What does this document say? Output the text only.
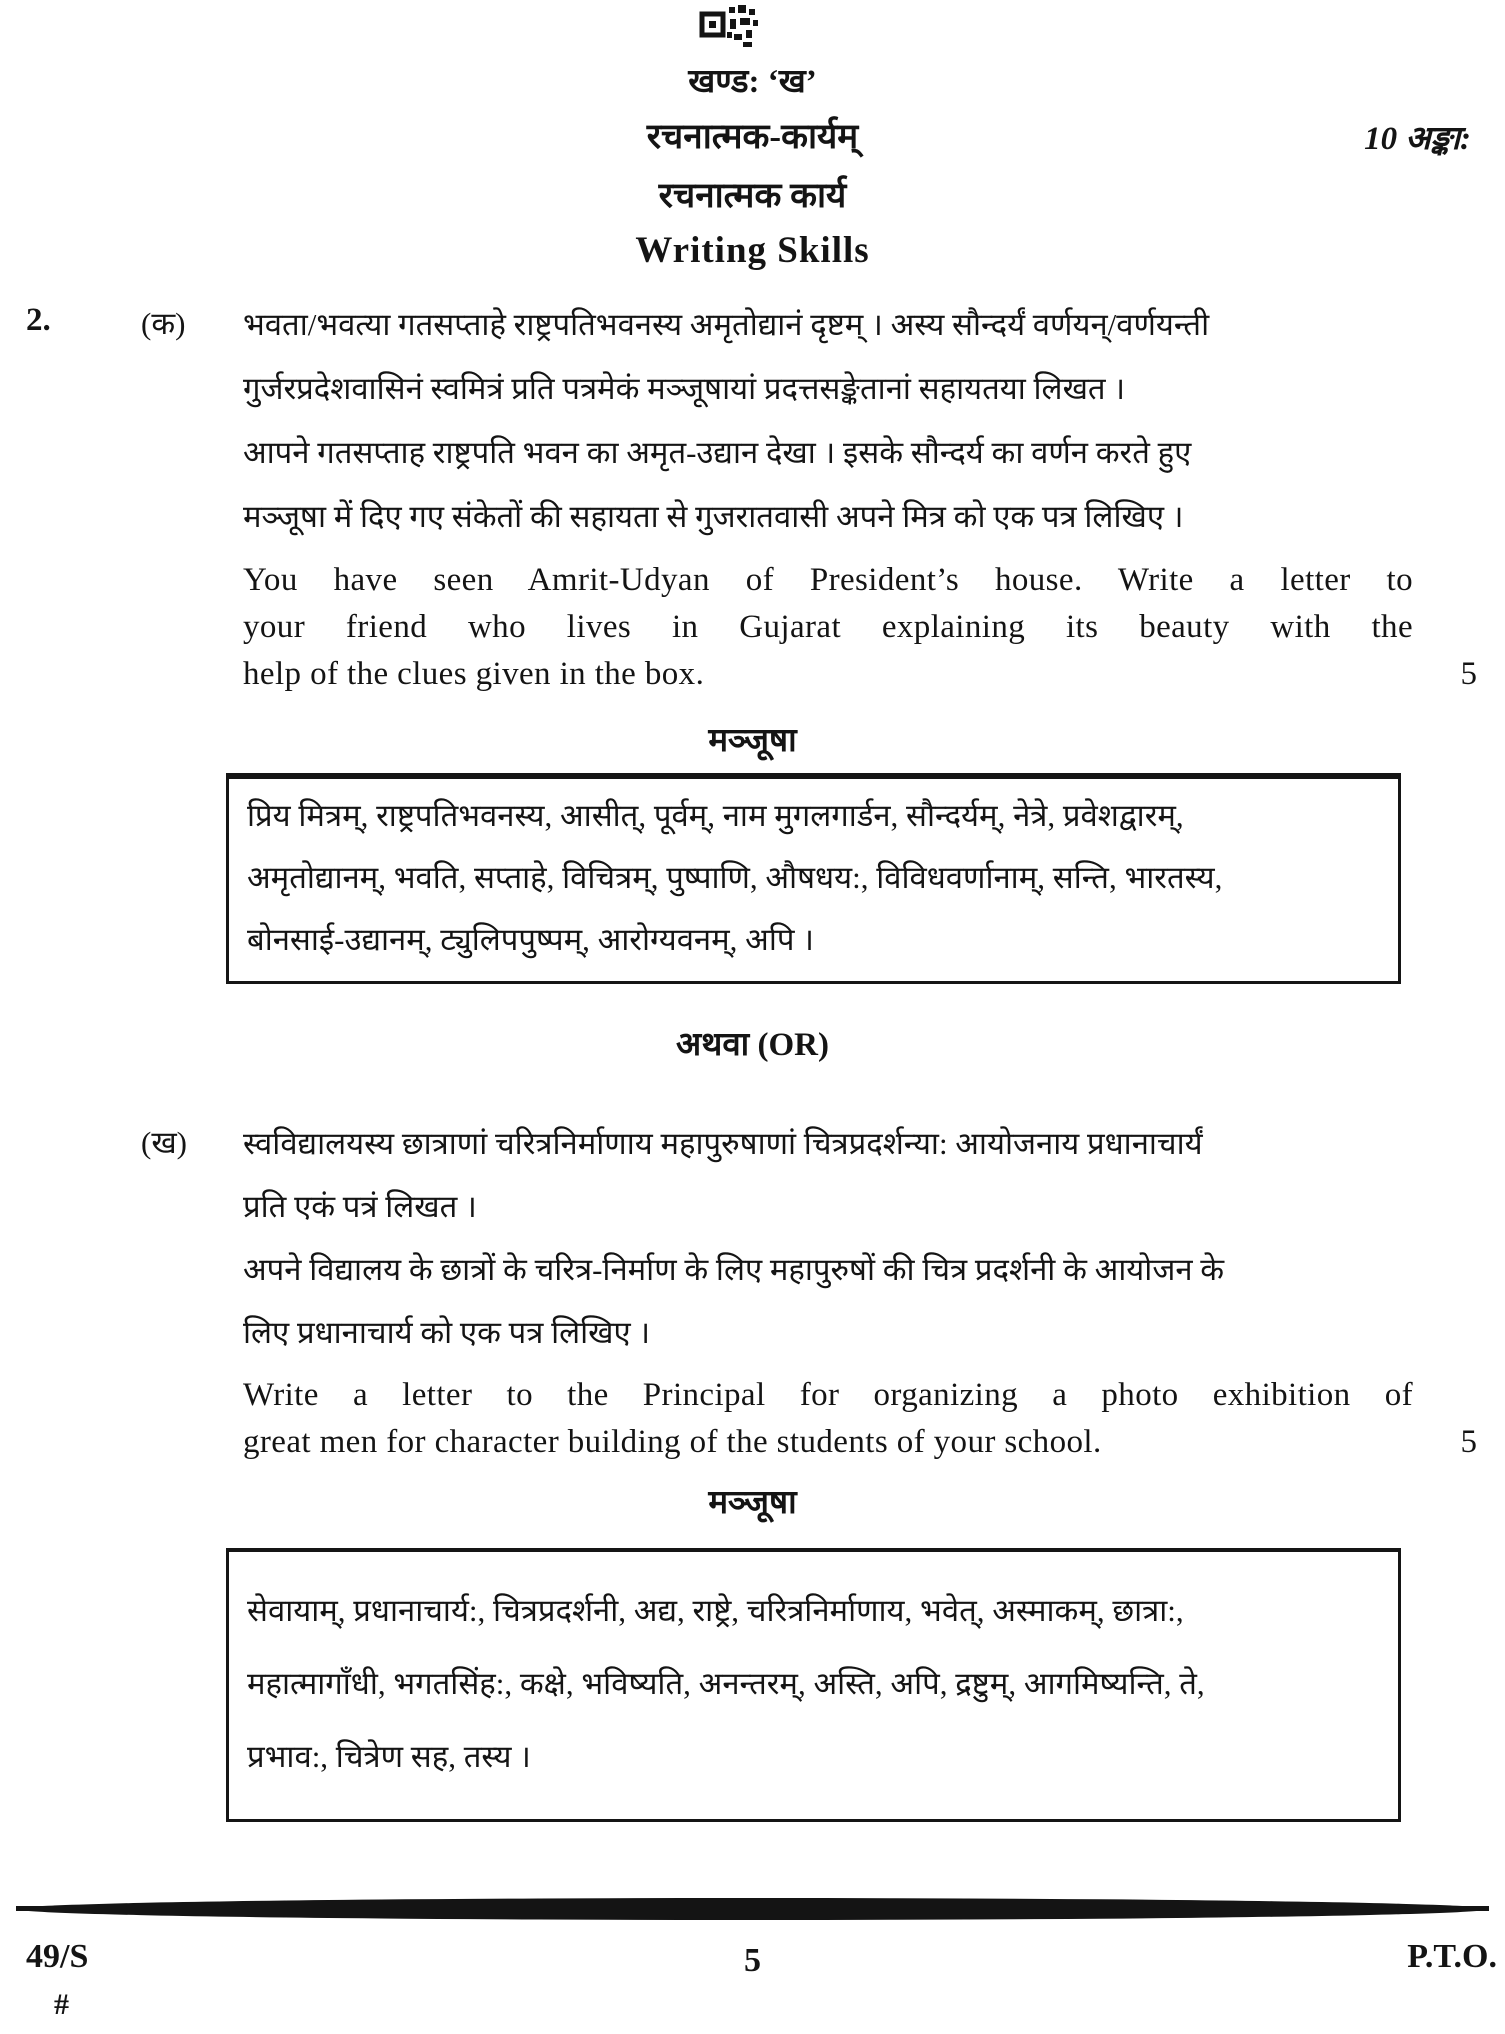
खण्ड: ‘ख’
रचनात्मक-कार्यम्	10 अङ्का:
रचनात्मक कार्य
Writing Skills
2.	(क) भवता/भवत्या गतसप्ताहे राष्ट्रपतिभवनस्य अमृतोद्यानं दृष्टम् । अस्य सौन्दर्यं वर्णयन्/वर्णयन्ती
गुर्जरप्रदेशवासिनं स्वमित्रं प्रति पत्रमेकं मञ्जूषायां प्रदत्तसङ्केतानां सहायतया लिखत ।
आपने गतसप्ताह राष्ट्रपति भवन का अमृत-उद्यान देखा । इसके सौन्दर्य का वर्णन करते हुए
मञ्जूषा में दिए गए संकेतों की सहायता से गुजरातवासी अपने मित्र को एक पत्र लिखिए ।
You have seen Amrit-Udyan of President’s house. Write a letter to
your friend who lives in Gujarat explaining its beauty with the
help of the clues given in the box.	5
मञ्जूषा
प्रिय मित्रम्, राष्ट्रपतिभवनस्य, आसीत्, पूर्वम्, नाम मुगलगार्डन, सौन्दर्यम्, नेत्रे, प्रवेशद्वारम्,
अमृतोद्यानम्, भवति, सप्ताहे, विचित्रम्, पुष्पाणि, औषधय:, विविधवर्णानाम्, सन्ति, भारतस्य,
बोनसाई-उद्यानम्, ट्युलिपपुष्पम्, आरोग्यवनम्, अपि ।
अथवा (OR)
(ख) स्वविद्यालयस्य छात्राणां चरित्रनिर्माणाय महापुरुषाणां चित्रप्रदर्शन्या: आयोजनाय प्रधानाचार्यं
प्रति एकं पत्रं लिखत ।
अपने विद्यालय के छात्रों के चरित्र-निर्माण के लिए महापुरुषों की चित्र प्रदर्शनी के आयोजन के
लिए प्रधानाचार्य को एक पत्र लिखिए ।
Write a letter to the Principal for organizing a photo exhibition of
great men for character building of the students of your school.	5
मञ्जूषा
सेवायाम्, प्रधानाचार्य:, चित्रप्रदर्शनी, अद्य, राष्ट्रे, चरित्रनिर्माणाय, भवेत्, अस्माकम्, छात्रा:,
महात्मागाँधी, भगतसिंह:, कक्षे, भविष्यति, अनन्तरम्, अस्ति, अपि, द्रष्टुम्, आगमिष्यन्ति, ते,
प्रभाव:, चित्रेण सह, तस्य ।
49/S
#
5	P.T.O.
